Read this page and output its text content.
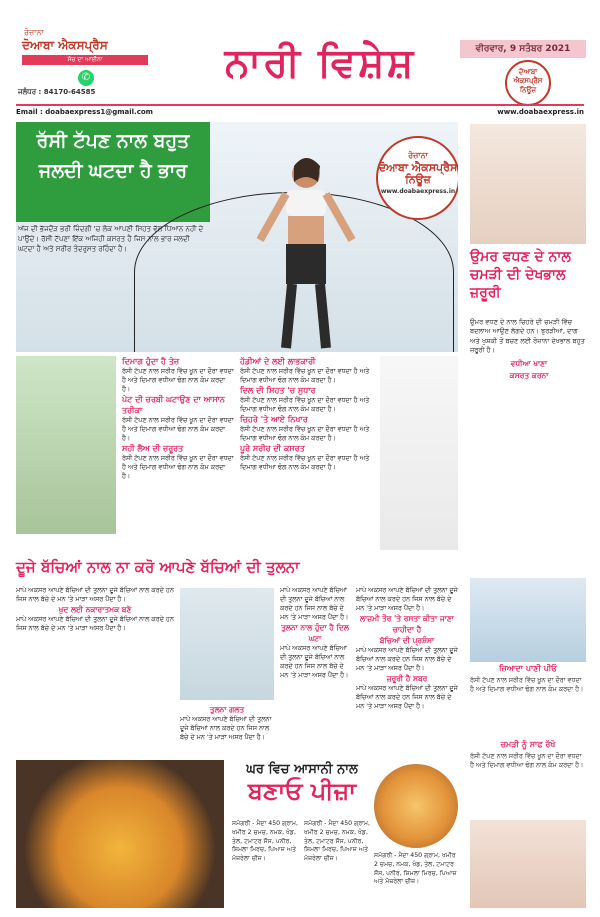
ਰੋਜ਼ਾਨਾ
ਦੋਆਬਾ ਐਕਸਪ੍ਰੈਸ
ਸੱਚ ਦਾ ਆਈਨਾ
✆
ਜਲੰਧਰ : 84170-64585
ਨਾਰੀ ਵਿਸ਼ੇਸ਼	ਵੀਰਵਾਰ, 9 ਸਤੰਬਰ 2021
ਦੋਆਬਾ ਐਕਸਪ੍ਰੈਸ ਨਿਊਜ਼
Email : doabaexpress1@gmail.com	www.doabaexpress.in
ਰੱਸੀ ਟੱਪਣ ਨਾਲ ਬਹੁਤ ਜਲਦੀ ਘਟਦਾ ਹੈ ਭਾਰ
ਅੱਜ ਦੀ ਭੱਜਦੌੜ ਭਰੀ ਜ਼ਿੰਦਗੀ 'ਚ ਲੋਕ ਆਪਣੀ ਸਿਹਤ ਵੱਲ ਧਿਆਨ ਨਹੀਂ ਦੇ ਪਾਉਂਦੇ। ਰੱਸੀ ਟੱਪਣਾ ਇੱਕ ਅਜਿਹੀ ਕਸਰਤ ਹੈ ਜਿਸ ਨਾਲ ਭਾਰ ਜਲਦੀ ਘਟਦਾ ਹੈ ਅਤੇ ਸਰੀਰ ਤੰਦਰੁਸਤ ਰਹਿੰਦਾ ਹੈ।
ਰੋਜ਼ਾਨਾ
ਦੋਆਬਾ ਐਕਸਪ੍ਰੈਸ ਨਿਊਜ਼
www.doabaexpress.in
ਉਮਰ ਵਧਣ ਦੇ ਨਾਲ ਚਮੜੀ ਦੀ ਦੇਖਭਾਲ ਜ਼ਰੂਰੀ
ਉਮਰ ਵਧਣ ਦੇ ਨਾਲ ਚਿਹਰੇ ਦੀ ਚਮੜੀ ਵਿੱਚ ਬਦਲਾਅ ਆਉਣ ਲੱਗਦੇ ਹਨ। ਝੁਰੜੀਆਂ, ਦਾਗ ਅਤੇ ਖੁਸ਼ਕੀ ਤੋਂ ਬਚਣ ਲਈ ਰੋਜ਼ਾਨਾ ਦੇਖਭਾਲ ਬਹੁਤ ਜ਼ਰੂਰੀ ਹੈ।
ਵਧੀਆ ਖਾਣਾ
ਕਸਰਤ ਕਰਨਾ
ਦਿਮਾਗ ਹੁੰਦਾ ਹੈ ਤੇਜ਼
ਰੱਸੀ ਟੱਪਣ ਨਾਲ ਸਰੀਰ ਵਿੱਚ ਖੂਨ ਦਾ ਦੌਰਾ ਵਧਦਾ ਹੈ ਅਤੇ ਦਿਮਾਗ ਵਧੀਆ ਢੰਗ ਨਾਲ ਕੰਮ ਕਰਦਾ ਹੈ।
ਪੇਟ ਦੀ ਚਰਬੀ ਘਟਾਉਣ ਦਾ ਆਸਾਨ ਤਰੀਕਾ
ਰੱਸੀ ਟੱਪਣ ਨਾਲ ਸਰੀਰ ਵਿੱਚ ਖੂਨ ਦਾ ਦੌਰਾ ਵਧਦਾ ਹੈ ਅਤੇ ਦਿਮਾਗ ਵਧੀਆ ਢੰਗ ਨਾਲ ਕੰਮ ਕਰਦਾ ਹੈ।
ਸਹੀ ਲੈਅ ਦੀ ਜ਼ਰੂਰਤ
ਰੱਸੀ ਟੱਪਣ ਨਾਲ ਸਰੀਰ ਵਿੱਚ ਖੂਨ ਦਾ ਦੌਰਾ ਵਧਦਾ ਹੈ ਅਤੇ ਦਿਮਾਗ ਵਧੀਆ ਢੰਗ ਨਾਲ ਕੰਮ ਕਰਦਾ ਹੈ।
ਹੱਡੀਆਂ ਦੇ ਲਈ ਲਾਭਕਾਰੀ
ਰੱਸੀ ਟੱਪਣ ਨਾਲ ਸਰੀਰ ਵਿੱਚ ਖੂਨ ਦਾ ਦੌਰਾ ਵਧਦਾ ਹੈ ਅਤੇ ਦਿਮਾਗ ਵਧੀਆ ਢੰਗ ਨਾਲ ਕੰਮ ਕਰਦਾ ਹੈ।
ਦਿਲ ਦੀ ਸਿਹਤ 'ਚ ਸੁਧਾਰ
ਰੱਸੀ ਟੱਪਣ ਨਾਲ ਸਰੀਰ ਵਿੱਚ ਖੂਨ ਦਾ ਦੌਰਾ ਵਧਦਾ ਹੈ ਅਤੇ ਦਿਮਾਗ ਵਧੀਆ ਢੰਗ ਨਾਲ ਕੰਮ ਕਰਦਾ ਹੈ।
ਚਿਹਰੇ 'ਤੇ ਆਏ ਨਿਖਾਰ
ਰੱਸੀ ਟੱਪਣ ਨਾਲ ਸਰੀਰ ਵਿੱਚ ਖੂਨ ਦਾ ਦੌਰਾ ਵਧਦਾ ਹੈ ਅਤੇ ਦਿਮਾਗ ਵਧੀਆ ਢੰਗ ਨਾਲ ਕੰਮ ਕਰਦਾ ਹੈ।
ਪੂਰੇ ਸਰੀਰ ਦੀ ਕਸਰਤ
ਰੱਸੀ ਟੱਪਣ ਨਾਲ ਸਰੀਰ ਵਿੱਚ ਖੂਨ ਦਾ ਦੌਰਾ ਵਧਦਾ ਹੈ ਅਤੇ ਦਿਮਾਗ ਵਧੀਆ ਢੰਗ ਨਾਲ ਕੰਮ ਕਰਦਾ ਹੈ।
ਦੂਜੇ ਬੱਚਿਆਂ ਨਾਲ ਨਾ ਕਰੋ ਆਪਣੇ ਬੱਚਿਆਂ ਦੀ ਤੁਲਨਾ
ਮਾਪੇ ਅਕਸਰ ਆਪਣੇ ਬੱਚਿਆਂ ਦੀ ਤੁਲਨਾ ਦੂਜੇ ਬੱਚਿਆਂ ਨਾਲ ਕਰਦੇ ਹਨ ਜਿਸ ਨਾਲ ਬੱਚੇ ਦੇ ਮਨ 'ਤੇ ਮਾੜਾ ਅਸਰ ਪੈਂਦਾ ਹੈ।
ਖੁਦ ਲਈ ਨਕਾਰਾਤਮਕ ਬਣੋ
ਮਾਪੇ ਅਕਸਰ ਆਪਣੇ ਬੱਚਿਆਂ ਦੀ ਤੁਲਨਾ ਦੂਜੇ ਬੱਚਿਆਂ ਨਾਲ ਕਰਦੇ ਹਨ ਜਿਸ ਨਾਲ ਬੱਚੇ ਦੇ ਮਨ 'ਤੇ ਮਾੜਾ ਅਸਰ ਪੈਂਦਾ ਹੈ।
ਤੁਲਨਾ ਗਲਤ
ਮਾਪੇ ਅਕਸਰ ਆਪਣੇ ਬੱਚਿਆਂ ਦੀ ਤੁਲਨਾ ਦੂਜੇ ਬੱਚਿਆਂ ਨਾਲ ਕਰਦੇ ਹਨ ਜਿਸ ਨਾਲ ਬੱਚੇ ਦੇ ਮਨ 'ਤੇ ਮਾੜਾ ਅਸਰ ਪੈਂਦਾ ਹੈ।
ਮਾਪੇ ਅਕਸਰ ਆਪਣੇ ਬੱਚਿਆਂ ਦੀ ਤੁਲਨਾ ਦੂਜੇ ਬੱਚਿਆਂ ਨਾਲ ਕਰਦੇ ਹਨ ਜਿਸ ਨਾਲ ਬੱਚੇ ਦੇ ਮਨ 'ਤੇ ਮਾੜਾ ਅਸਰ ਪੈਂਦਾ ਹੈ।
ਤੁਲਨਾ ਨਾਲ ਹੁੰਦਾ ਹੈ ਦਿਲ ਘਟਾ
ਮਾਪੇ ਅਕਸਰ ਆਪਣੇ ਬੱਚਿਆਂ ਦੀ ਤੁਲਨਾ ਦੂਜੇ ਬੱਚਿਆਂ ਨਾਲ ਕਰਦੇ ਹਨ ਜਿਸ ਨਾਲ ਬੱਚੇ ਦੇ ਮਨ 'ਤੇ ਮਾੜਾ ਅਸਰ ਪੈਂਦਾ ਹੈ।
ਮਾਪੇ ਅਕਸਰ ਆਪਣੇ ਬੱਚਿਆਂ ਦੀ ਤੁਲਨਾ ਦੂਜੇ ਬੱਚਿਆਂ ਨਾਲ ਕਰਦੇ ਹਨ ਜਿਸ ਨਾਲ ਬੱਚੇ ਦੇ ਮਨ 'ਤੇ ਮਾੜਾ ਅਸਰ ਪੈਂਦਾ ਹੈ।
ਲਾਜ਼ਮੀ ਤੌਰ 'ਤੇ ਰਸਤਾ ਕੀਤਾ ਜਾਣਾ ਚਾਹੀਦਾ ਹੈ
ਬੱਚਿਆਂ ਦੀ ਪ੍ਰਸ਼ੰਸਾ
ਮਾਪੇ ਅਕਸਰ ਆਪਣੇ ਬੱਚਿਆਂ ਦੀ ਤੁਲਨਾ ਦੂਜੇ ਬੱਚਿਆਂ ਨਾਲ ਕਰਦੇ ਹਨ ਜਿਸ ਨਾਲ ਬੱਚੇ ਦੇ ਮਨ 'ਤੇ ਮਾੜਾ ਅਸਰ ਪੈਂਦਾ ਹੈ।
ਜ਼ਰੂਰੀ ਹੈ ਸਬਰ
ਮਾਪੇ ਅਕਸਰ ਆਪਣੇ ਬੱਚਿਆਂ ਦੀ ਤੁਲਨਾ ਦੂਜੇ ਬੱਚਿਆਂ ਨਾਲ ਕਰਦੇ ਹਨ ਜਿਸ ਨਾਲ ਬੱਚੇ ਦੇ ਮਨ 'ਤੇ ਮਾੜਾ ਅਸਰ ਪੈਂਦਾ ਹੈ।
ਜ਼ਿਆਦਾ ਪਾਣੀ ਪੀਓ
ਰੱਸੀ ਟੱਪਣ ਨਾਲ ਸਰੀਰ ਵਿੱਚ ਖੂਨ ਦਾ ਦੌਰਾ ਵਧਦਾ ਹੈ ਅਤੇ ਦਿਮਾਗ ਵਧੀਆ ਢੰਗ ਨਾਲ ਕੰਮ ਕਰਦਾ ਹੈ।
ਚਮੜੀ ਨੂੰ ਸਾਫ ਰੱਖੋ
ਰੱਸੀ ਟੱਪਣ ਨਾਲ ਸਰੀਰ ਵਿੱਚ ਖੂਨ ਦਾ ਦੌਰਾ ਵਧਦਾ ਹੈ ਅਤੇ ਦਿਮਾਗ ਵਧੀਆ ਢੰਗ ਨਾਲ ਕੰਮ ਕਰਦਾ ਹੈ।
ਘਰ ਵਿਚ ਆਸਾਨੀ ਨਾਲ
ਬਣਾਓ ਪੀਜ਼ਾ
ਸਮੱਗਰੀ - ਮੈਦਾ 450 ਗ੍ਰਾਮ, ਖਮੀਰ 2 ਚਮਚ, ਨਮਕ, ਖੰਡ, ਤੇਲ, ਟਮਾਟਰ ਸੌਸ, ਪਨੀਰ, ਸ਼ਿਮਲਾ ਮਿਰਚ, ਪਿਆਜ਼ ਅਤੇ ਮੋਜ਼ਰੇਲਾ ਚੀਜ਼।
ਸਮੱਗਰੀ - ਮੈਦਾ 450 ਗ੍ਰਾਮ, ਖਮੀਰ 2 ਚਮਚ, ਨਮਕ, ਖੰਡ, ਤੇਲ, ਟਮਾਟਰ ਸੌਸ, ਪਨੀਰ, ਸ਼ਿਮਲਾ ਮਿਰਚ, ਪਿਆਜ਼ ਅਤੇ ਮੋਜ਼ਰੇਲਾ ਚੀਜ਼।	ਸਮੱਗਰੀ - ਮੈਦਾ 450 ਗ੍ਰਾਮ, ਖਮੀਰ 2 ਚਮਚ, ਨਮਕ, ਖੰਡ, ਤੇਲ, ਟਮਾਟਰ ਸੌਸ, ਪਨੀਰ, ਸ਼ਿਮਲਾ ਮਿਰਚ, ਪਿਆਜ਼ ਅਤੇ ਮੋਜ਼ਰੇਲਾ ਚੀਜ਼।
